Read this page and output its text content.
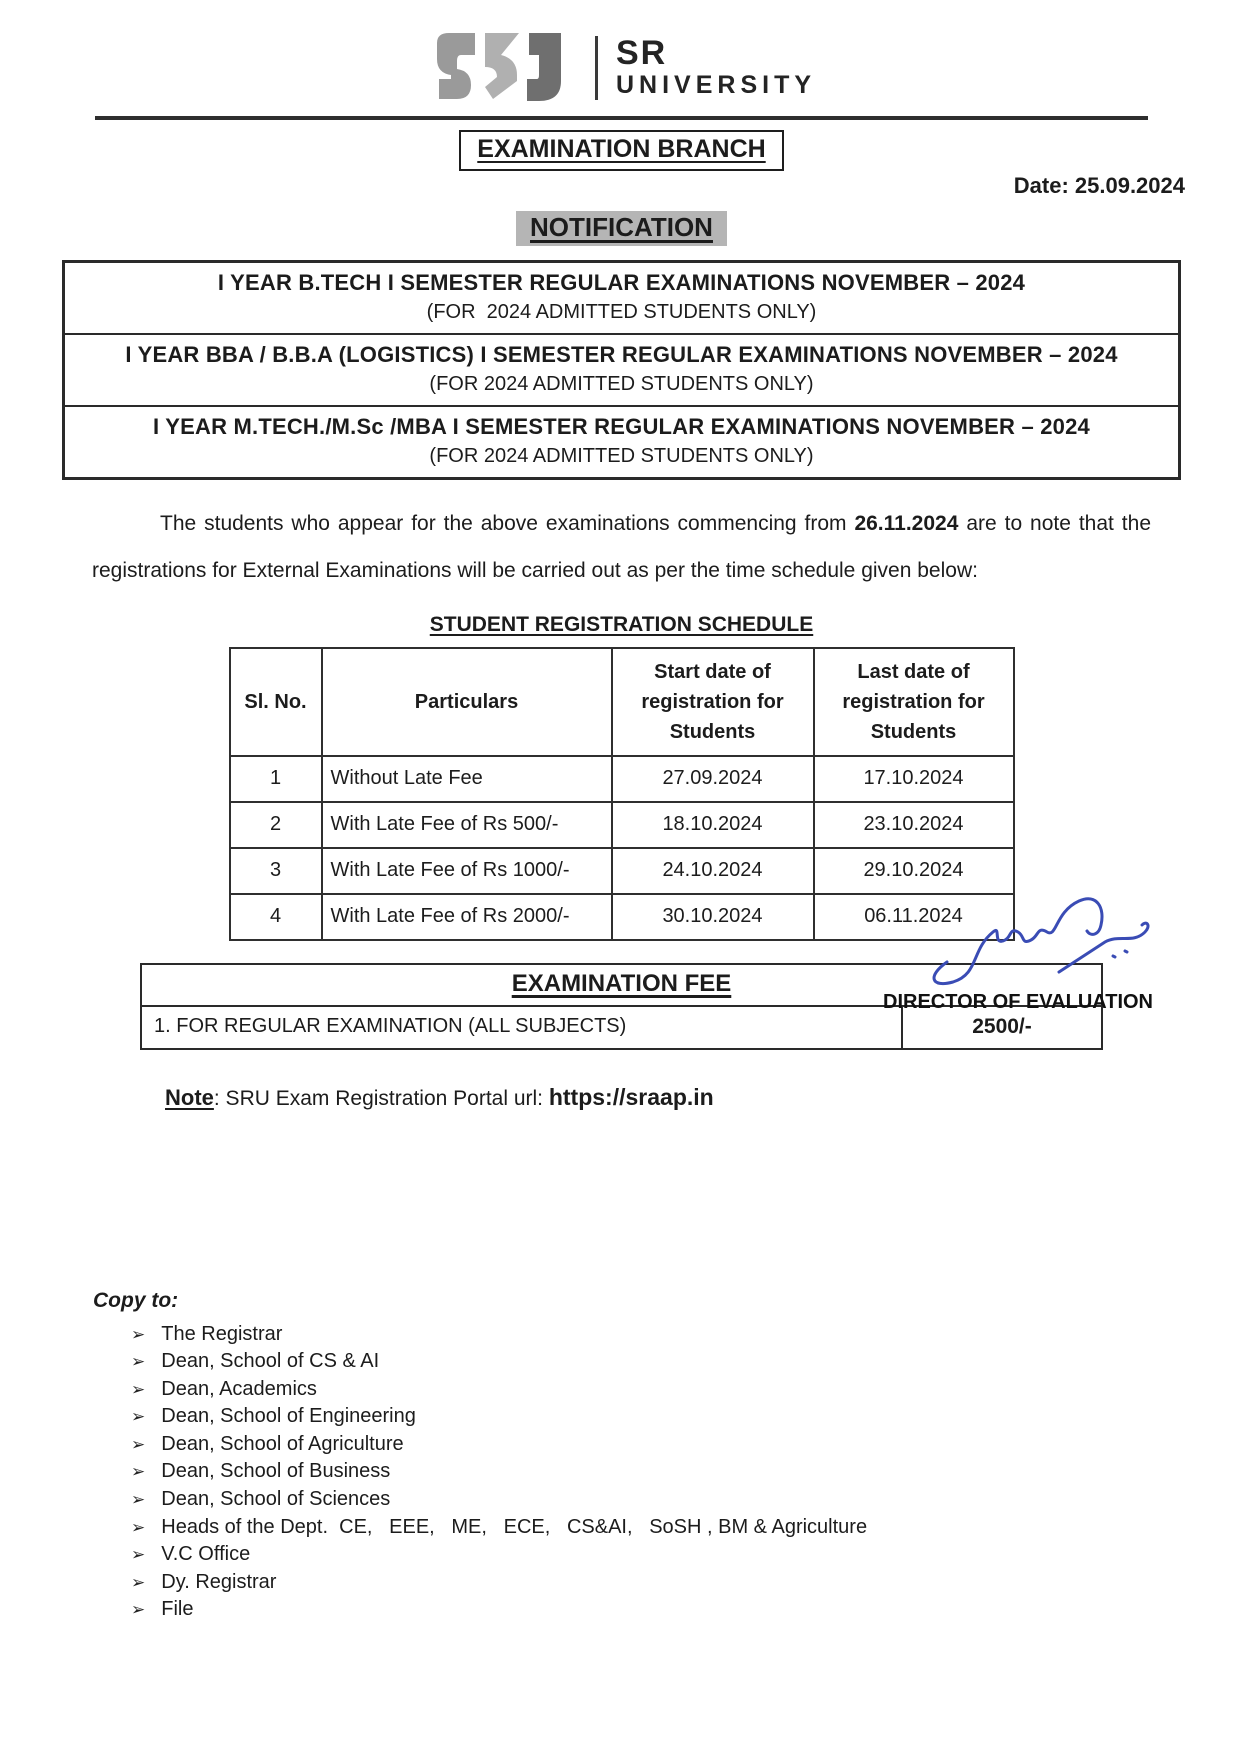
SR
UNIVERSITY
EXAMINATION BRANCH
Date: 25.09.2024
NOTIFICATION
I YEAR B.TECH I SEMESTER REGULAR EXAMINATIONS NOVEMBER – 2024
(FOR  2024 ADMITTED STUDENTS ONLY)
I YEAR BBA / B.B.A (LOGISTICS) I SEMESTER REGULAR EXAMINATIONS NOVEMBER – 2024
(FOR 2024 ADMITTED STUDENTS ONLY)
I YEAR M.TECH./M.Sc /MBA I SEMESTER REGULAR EXAMINATIONS NOVEMBER – 2024
(FOR 2024 ADMITTED STUDENTS ONLY)

The students who appear for the above examinations commencing from 26.11.2024 are to note that the registrations for External Examinations will be carried out as per the time schedule given below:

STUDENT REGISTRATION SCHEDULE
Sl. No.	Particulars	Start date of registration for Students	Last date of registration for Students
1	Without Late Fee	27.09.2024	17.10.2024
2	With Late Fee of Rs 500/-	18.10.2024	23.10.2024
3	With Late Fee of Rs 1000/-	24.10.2024	29.10.2024
4	With Late Fee of Rs 2000/-	30.10.2024	06.11.2024
EXAMINATION FEE
1. FOR REGULAR EXAMINATION (ALL SUBJECTS)	2500/-
Note: SRU Exam Registration Portal url: https://sraap.in
DIRECTOR OF EVALUATION
Copy to:
➢ The Registrar
➢ Dean, School of CS & AI
➢ Dean, Academics
➢ Dean, School of Engineering
➢ Dean, School of Agriculture
➢ Dean, School of Business
➢ Dean, School of Sciences
➢ Heads of the Dept.  CE,   EEE,   ME,   ECE,   CS&AI,   SoSH , BM & Agriculture
➢ V.C Office
➢ Dy. Registrar
➢ File
